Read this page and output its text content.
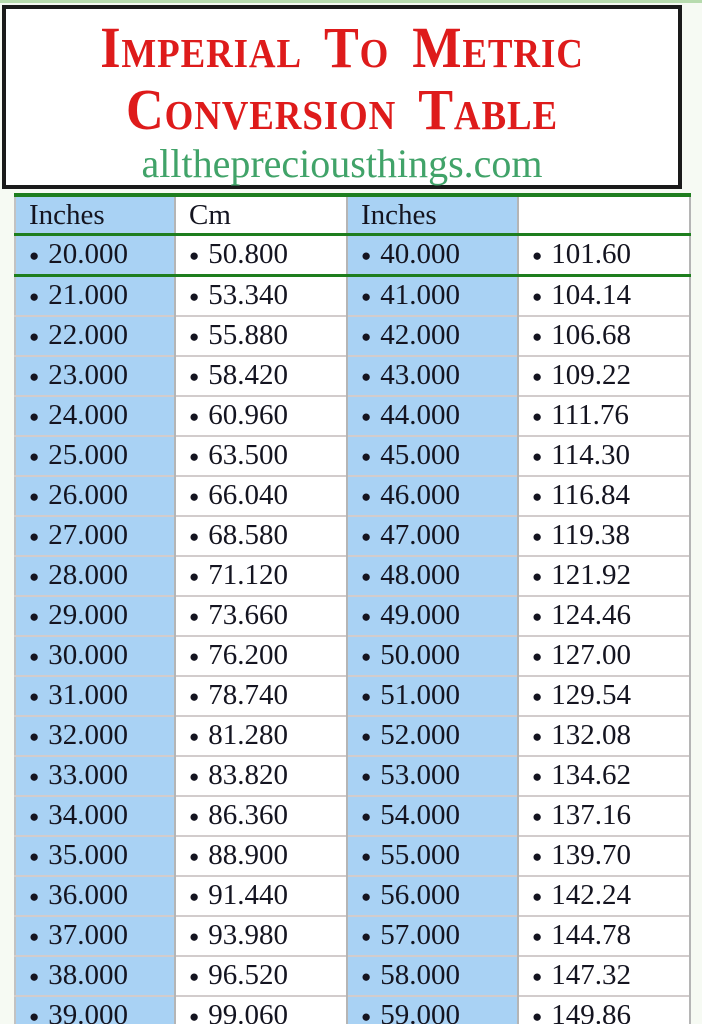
Imperial To Metric
Conversion Table
allthepreciousthings.com
Inches	Cm	Inches	
● 20.000	● 50.800	● 40.000	● 101.60
● 21.000	● 53.340	● 41.000	● 104.14
● 22.000	● 55.880	● 42.000	● 106.68
● 23.000	● 58.420	● 43.000	● 109.22
● 24.000	● 60.960	● 44.000	● 111.76
● 25.000	● 63.500	● 45.000	● 114.30
● 26.000	● 66.040	● 46.000	● 116.84
● 27.000	● 68.580	● 47.000	● 119.38
● 28.000	● 71.120	● 48.000	● 121.92
● 29.000	● 73.660	● 49.000	● 124.46
● 30.000	● 76.200	● 50.000	● 127.00
● 31.000	● 78.740	● 51.000	● 129.54
● 32.000	● 81.280	● 52.000	● 132.08
● 33.000	● 83.820	● 53.000	● 134.62
● 34.000	● 86.360	● 54.000	● 137.16
● 35.000	● 88.900	● 55.000	● 139.70
● 36.000	● 91.440	● 56.000	● 142.24
● 37.000	● 93.980	● 57.000	● 144.78
● 38.000	● 96.520	● 58.000	● 147.32
● 39.000	● 99.060	● 59.000	● 149.86
